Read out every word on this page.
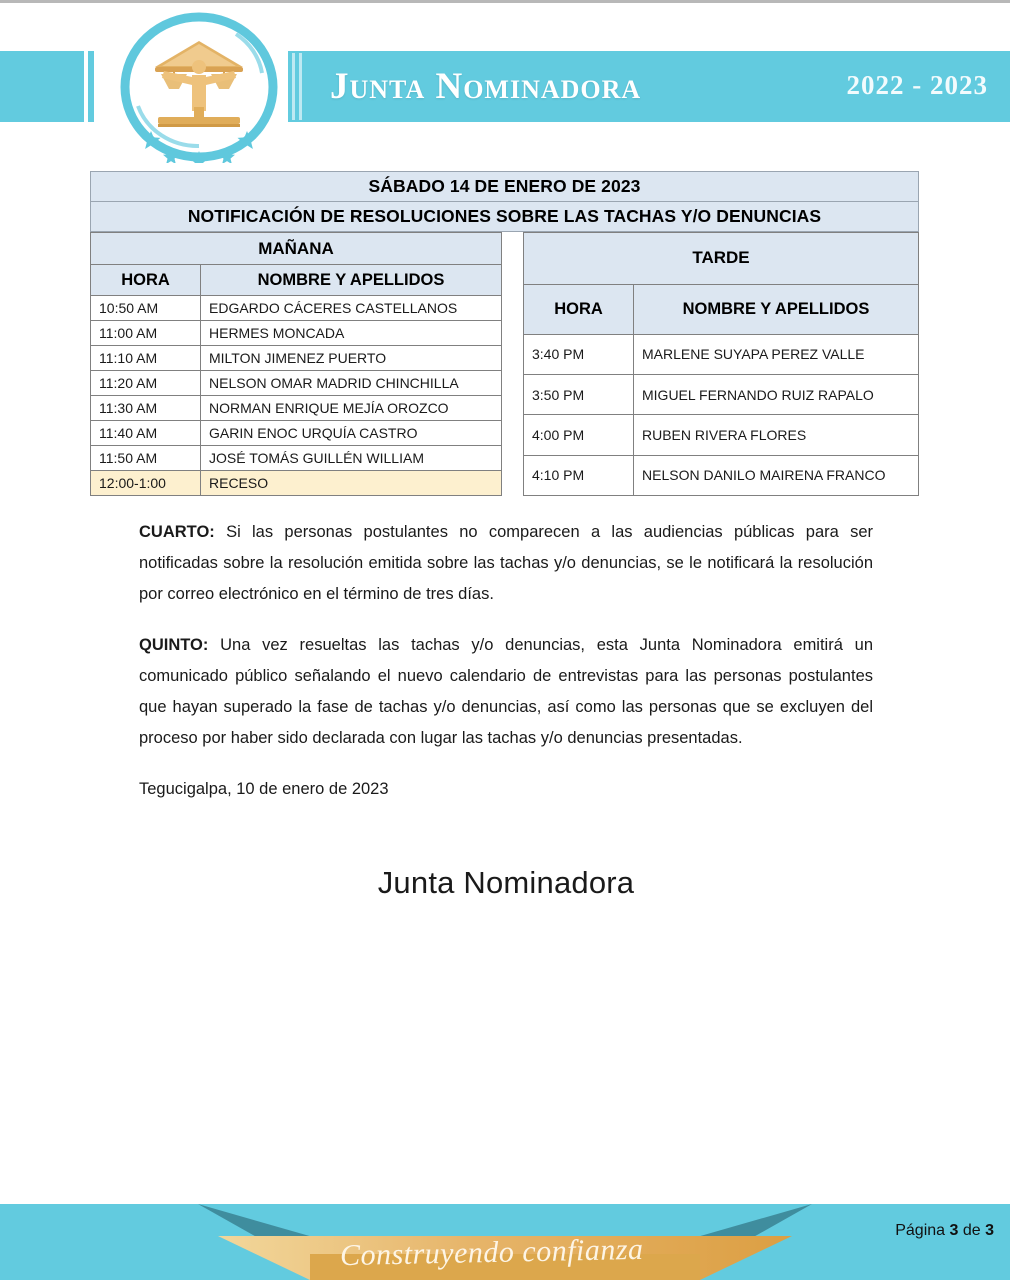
Junta Nominadora	2022 - 2023
SÁBADO 14 DE ENERO DE 2023
NOTIFICACIÓN DE RESOLUCIONES SOBRE LAS TACHAS Y/O DENUNCIAS
MAÑANA	
HORA	NOMBRE Y APELLIDOS
10:50 AM	EDGARDO CÁCERES CASTELLANOS
11:00 AM	HERMES MONCADA
11:10 AM	MILTON JIMENEZ PUERTO
11:20 AM	NELSON OMAR MADRID CHINCHILLA
11:30 AM	NORMAN ENRIQUE MEJÍA OROZCO
11:40 AM	GARIN ENOC URQUÍA CASTRO
11:50 AM	JOSÉ TOMÁS GUILLÉN WILLIAM
12:00-1:00	RECESO
TARDE	
HORA	NOMBRE Y APELLIDOS
3:40 PM	MARLENE SUYAPA PEREZ VALLE
3:50 PM	MIGUEL FERNANDO RUIZ RAPALO
4:00 PM	RUBEN RIVERA FLORES
4:10 PM	NELSON DANILO MAIRENA FRANCO

CUARTO: Si las personas postulantes no comparecen a las audiencias públicas para ser notificadas sobre la resolución emitida sobre las tachas y/o denuncias, se le notificará la resolución por correo electrónico en el término de tres días.

QUINTO: Una vez resueltas las tachas y/o denuncias, esta Junta Nominadora emitirá un comunicado público señalando el nuevo calendario de entrevistas para las personas postulantes que hayan superado la fase de tachas y/o denuncias, así como las personas que se excluyen del proceso por haber sido declarada con lugar las tachas y/o denuncias presentadas.

Tegucigalpa, 10 de enero de 2023

Junta Nominadora
Construyendo confianza
Página 3 de 3
